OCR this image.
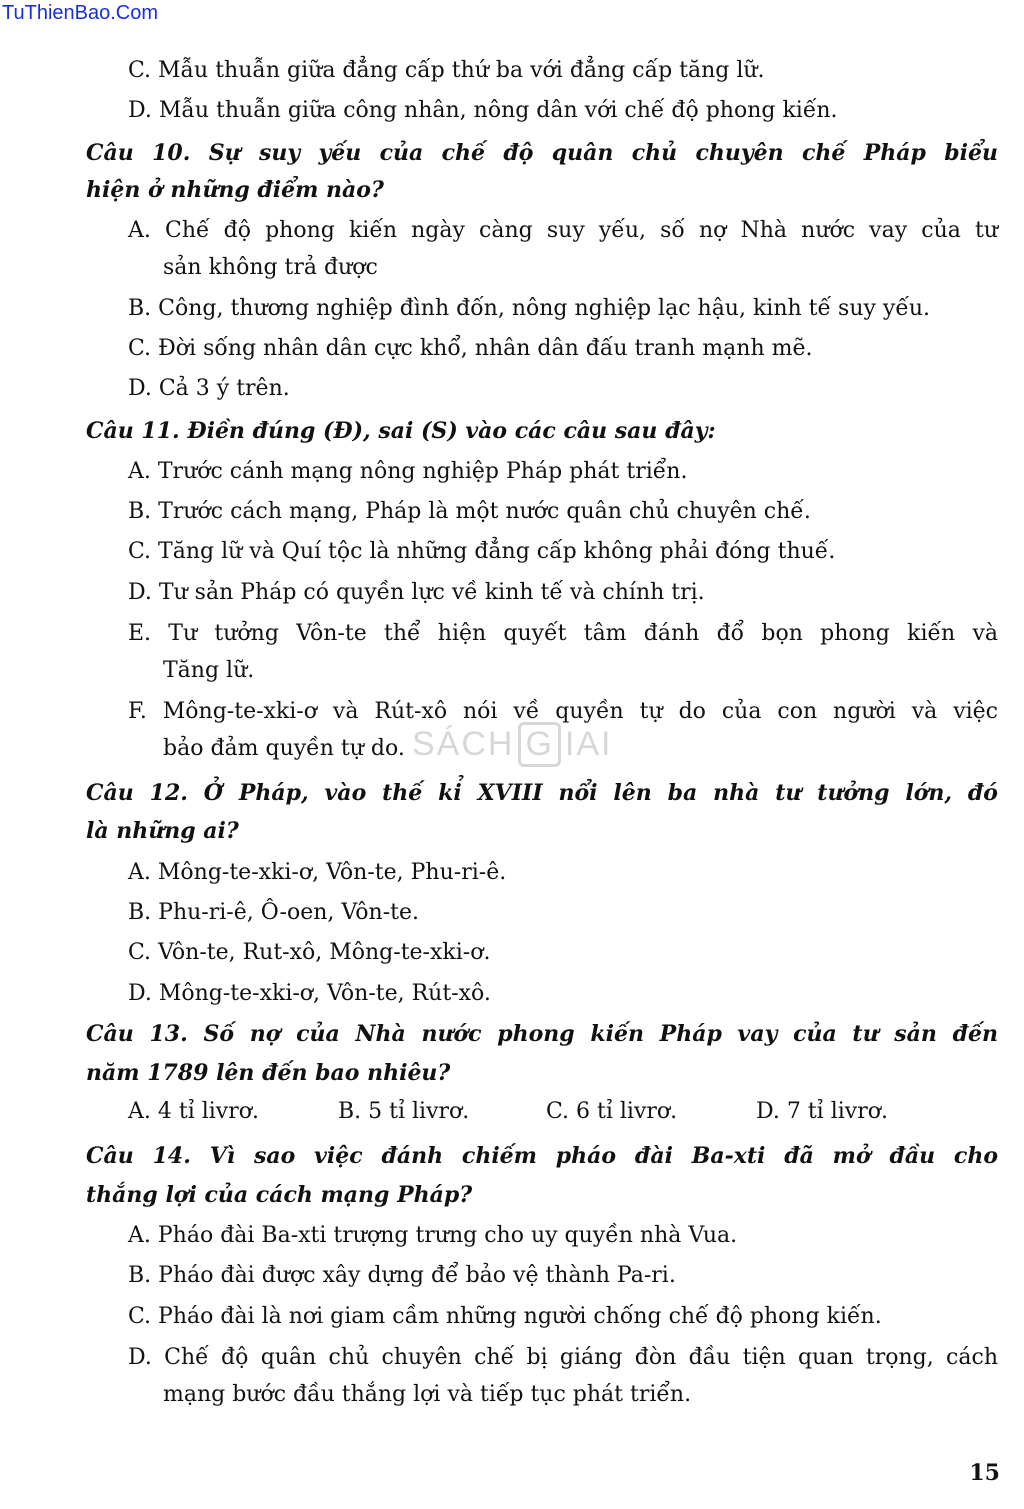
TuThienBao.Com
C. Mẫu thuẫn giữa đẳng cấp thứ ba với đẳng cấp tăng lữ.
D. Mẫu thuẫn giữa công nhân, nông dân với chế độ phong kiến.
Câu 10. Sự suy yếu của chế độ quân chủ chuyên chế Pháp biểu
hiện ở những điểm nào?
A. Chế độ phong kiến ngày càng suy yếu, số nợ Nhà nước vay của tư
sản không trả được
B. Công, thương nghiệp đình đốn, nông nghiệp lạc hậu, kinh tế suy yếu.
C. Đời sống nhân dân cực khổ, nhân dân đấu tranh mạnh mẽ.
D. Cả 3 ý trên.
Câu 11. Điền đúng (Đ), sai (S) vào các câu sau đây:
A. Trước cánh mạng nông nghiệp Pháp phát triển.
B. Trước cách mạng, Pháp là một nước quân chủ chuyên chế.
C. Tăng lữ và Quí tộc là những đẳng cấp không phải đóng thuế.
D. Tư sản Pháp có quyền lực về kinh tế và chính trị.
E. Tư tưởng Vôn-te thể hiện quyết tâm đánh đổ bọn phong kiến và
Tăng lữ.
F. Mông-te-xki-ơ và Rút-xô nói về quyền tự do của con người và việc
bảo đảm quyền tự do. SÁCH G IAI
Câu 12. Ở Pháp, vào thế kỉ XVIII nổi lên ba nhà tư tưởng lớn, đó
là những ai?
A. Mông-te-xki-ơ, Vôn-te, Phu-ri-ê.
B. Phu-ri-ê, Ô-oen, Vôn-te.
C. Vôn-te, Rut-xô, Mông-te-xki-ơ.
D. Mông-te-xki-ơ, Vôn-te, Rút-xô.
Câu 13. Số nợ của Nhà nước phong kiến Pháp vay của tư sản đến
năm 1789 lên đến bao nhiêu?
A. 4 tỉ livrơ.	B. 5 tỉ livrơ.	C. 6 tỉ livrơ.	D. 7 tỉ livrơ.
Câu 14. Vì sao việc đánh chiếm pháo đài Ba-xti đã mở đầu cho
thắng lợi của cách mạng Pháp?
A. Pháo đài Ba-xti trượng trưng cho uy quyền nhà Vua.
B. Pháo đài được xây dựng để bảo vệ thành Pa-ri.
C. Pháo đài là nơi giam cầm những người chống chế độ phong kiến.
D. Chế độ quân chủ chuyên chế bị giáng đòn đầu tiện quan trọng, cách
mạng bước đầu thắng lợi và tiếp tục phát triển.
15
